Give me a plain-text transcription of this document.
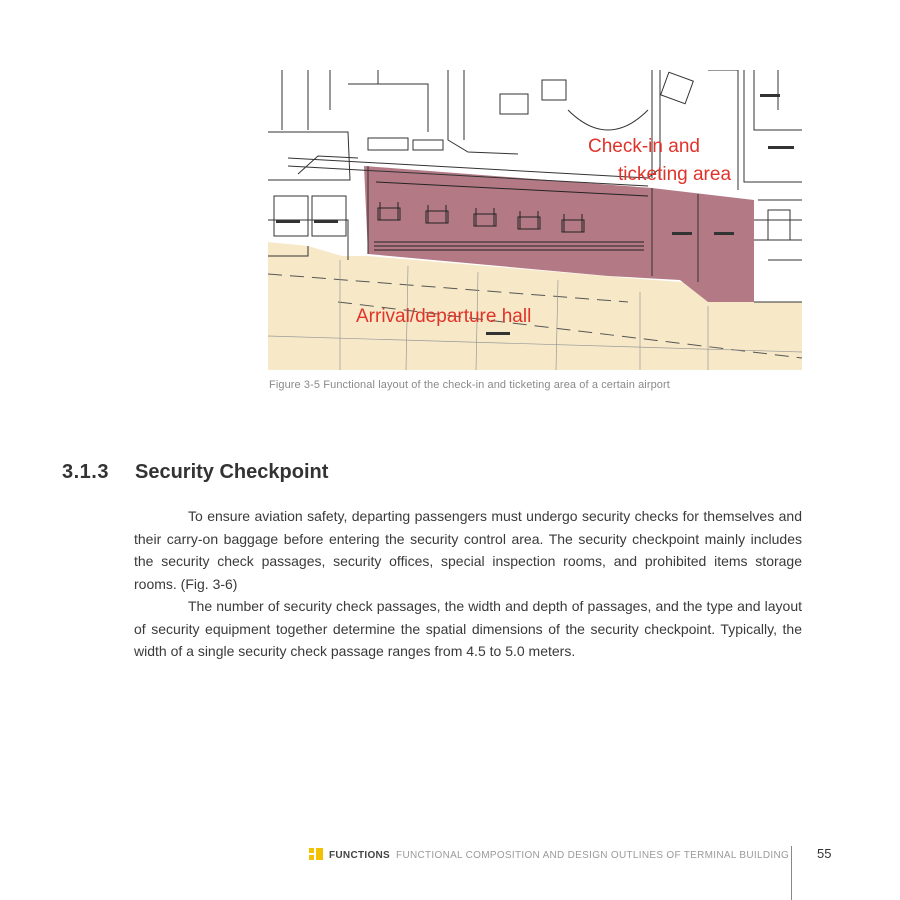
Check-in and
ticketing area
Arrival/departure hall
Figure 3-5 Functional layout of the check-in and ticketing area of a certain airport
3.1.3 Security Checkpoint

To ensure aviation safety, departing passengers must undergo security checks for themselves and their carry-on baggage before entering the security control area. The security checkpoint mainly includes the security check passages, security offices, special inspection rooms, and prohibited items storage rooms. (Fig. 3-6)

The number of security check passages, the width and depth of passages, and the type and layout of security equipment together determine the spatial dimensions of the security checkpoint. Typically, the width of a single security check passage ranges from 4.5 to 5.0 meters.

FUNCTIONS FUNCTIONAL COMPOSITION AND DESIGN OUTLINES OF TERMINAL BUILDING 55
